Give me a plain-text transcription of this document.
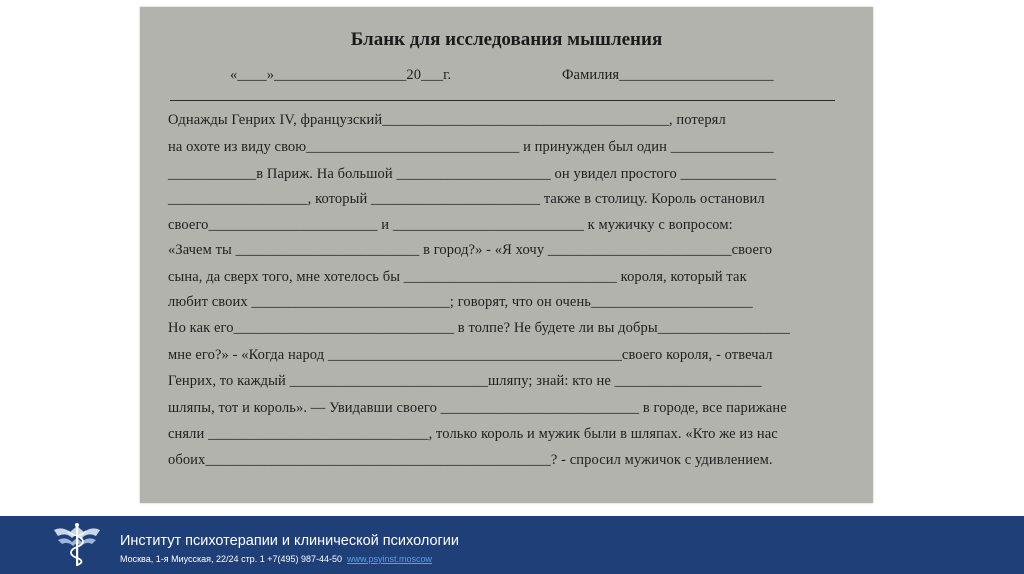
Бланк для исследования мышления
«____»__________________20___г.	Фамилия_____________________
Однажды Генрих IV, французский_______________________________________, потерял
на охоте из виду свою_____________________________ и принужден был один ______________
____________в Париж. На большой _____________________ он увидел простого _____________
___________________, который _______________________ также в столицу. Король остановил
своего_______________________ и __________________________ к мужичку с вопросом:
«Зачем ты _________________________ в город?» - «Я хочу _________________________своего
сына, да сверх того, мне хотелось бы _____________________________ короля, который так
любит своих ___________________________; говорят, что он очень______________________
Но как его______________________________ в толпе? Не будете ли вы добры__________________
мне его?» - «Когда народ ________________________________________своего короля, - отвечал
Генрих, то каждый ___________________________шляпу; знай: кто не ____________________
шляпы, тот и король». — Увидавши своего ___________________________ в городе, все парижане
сняли ______________________________, только король и мужик были в шляпах. «Кто же из нас
обоих_______________________________________________? - спросил мужичок с удивлением.
Институт психотерапии и клинической психологии
Москва, 1-я Миусская, 22/24 стр. 1 +7(495) 987-44-50 www.psyinst.moscow
